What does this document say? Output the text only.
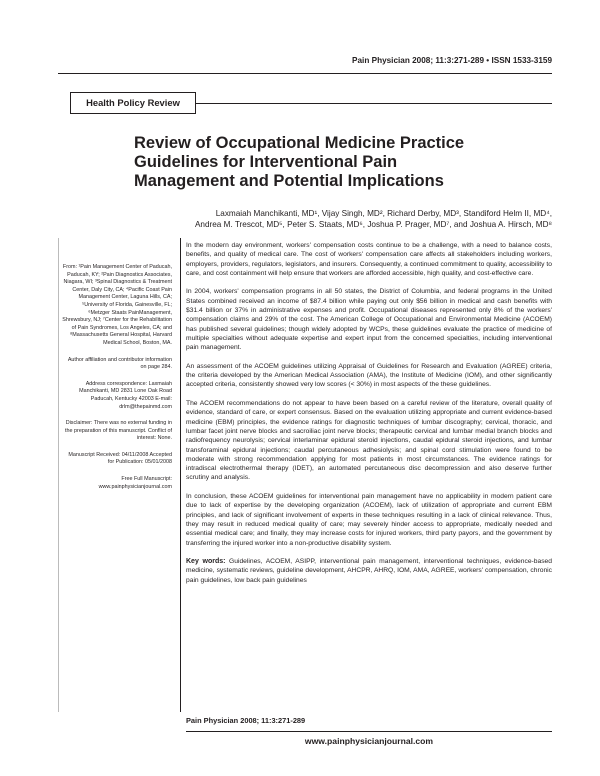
Pain Physician 2008; 11:3:271-289 • ISSN 1533-3159
Health Policy Review
Review of Occupational Medicine Practice Guidelines for Interventional Pain Management and Potential Implications
Laxmaiah Manchikanti, MD¹, Vijay Singh, MD², Richard Derby, MD³, Standiford Helm II, MD⁴,
Andrea M. Trescot, MD⁵, Peter S. Staats, MD⁶, Joshua P. Prager, MD⁷, and Joshua A. Hirsch, MD⁸

From: ¹Pain Management Center of Paducah, Paducah, KY; ²Pain Diagnostics Associates, Niagara, WI; ³Spinal Diagnostics & Treatment Center, Daly City, CA; ⁴Pacific Coast Pain Management Center, Laguna Hills, CA; ⁵University of Florida, Gainesville, FL; ⁶Metzger Staats PainManagement, Shrewsbury, NJ; ⁷Center for the Rehabilitation of Pain Syndromes, Los Angeles, CA; and ⁸Massachusetts General Hospital, Harvard Medical School, Boston, MA.

Author affiliation and contributor information on page 284.

Address correspondence: Laxmaiah Manchikanti, MD 2831 Lone Oak Road Paducah, Kentucky 42003 E-mail: drlm@thepainmd.com

Disclaimer: There was no external funding in the preparation of this manuscript. Conflict of interest: None.

Manuscript Received: 04/11/2008 Accepted for Publication: 05/01/2008

Free Full Manuscript: www.painphysicianjournal.com

In the modern day environment, workers' compensation costs continue to be a challenge, with a need to balance costs, benefits, and quality of medical care. The cost of workers' compensation care affects all stakeholders including workers, employers, providers, regulators, legislators, and insurers. Consequently, a continued commitment to quality, accessibility to care, and cost containment will help ensure that workers are afforded accessible, high quality, and cost-effective care.

In 2004, workers' compensation programs in all 50 states, the District of Columbia, and federal programs in the United States combined received an income of $87.4 billion while paying out only $56 billion in medical and cash benefits with $31.4 billion or 37% in administrative expenses and profit. Occupational diseases represented only 8% of the workers' compensation claims and 29% of the cost. The American College of Occupational and Environmental Medicine (ACOEM) has published several guidelines; though widely adopted by WCPs, these guidelines evaluate the practice of medicine of multiple specialties without adequate expertise and expert input from the concerned specialties, including interventional pain management.

An assessment of the ACOEM guidelines utilizing Appraisal of Guidelines for Research and Evaluation (AGREE) criteria, the criteria developed by the American Medical Association (AMA), the Institute of Medicine (IOM), and other significantly accepted criteria, consistently showed very low scores (< 30%) in most aspects of the these guidelines.

The ACOEM recommendations do not appear to have been based on a careful review of the literature, overall quality of evidence, standard of care, or expert consensus. Based on the evaluation utilizing appropriate and current evidence-based medicine (EBM) principles, the evidence ratings for diagnostic techniques of lumbar discography; cervical, thoracic, and lumbar facet joint nerve blocks and sacroiliac joint nerve blocks; therapeutic cervical and lumbar medial branch blocks and radiofrequency neurolysis; cervical interlaminar epidural steroid injections, caudal epidural steroid injections, and lumbar transforaminal epidural injections; caudal percutaneous adhesiolysis; and spinal cord stimulation were found to be moderate with strong recommendation applying for most patients in most circumstances. The evidence ratings for intradiscal electrothermal therapy (IDET), an automated percutaneous disc decompression and also deserve further scrutiny and analysis.

In conclusion, these ACOEM guidelines for interventional pain management have no applicability in modern patient care due to lack of expertise by the developing organization (ACOEM), lack of utilization of appropriate and current EBM principles, and lack of significant involvement of experts in these techniques resulting in a lack of clinical relevance. Thus, they may result in reduced medical quality of care; may severely hinder access to appropriate, medically needed and essential medical care; and finally, they may increase costs for injured workers, third party payors, and the government by transferring the injured worker into a non-productive disability system.

Key words: Guidelines, ACOEM, ASIPP, interventional pain management, interventional techniques, evidence-based medicine, systematic reviews, guideline development, AHCPR, AHRQ, IOM, AMA, AGREE, workers' compensation, chronic pain guidelines, low back pain guidelines

Pain Physician 2008; 11:3:271-289
www.painphysicianjournal.com
